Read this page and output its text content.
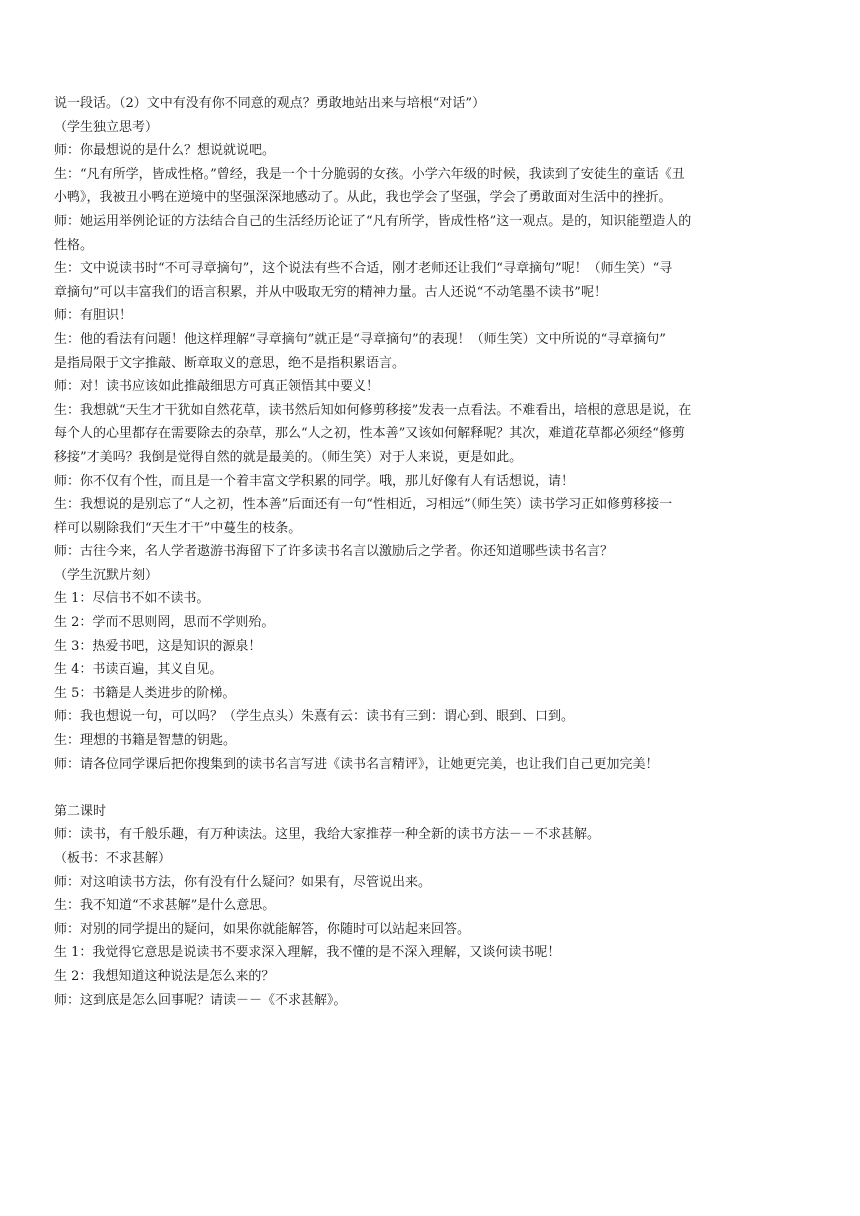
说一段话。（2）文中有没有你不同意的观点？勇敢地站出来与培根“对话”）

（学生独立思考）

师：你最想说的是什么？想说就说吧。

生：“凡有所学，皆成性格。”曾经，我是一个十分脆弱的女孩。小学六年级的时候，我读到了安徒生的童话《丑

小鸭》，我被丑小鸭在逆境中的坚强深深地感动了。从此，我也学会了坚强，学会了勇敢面对生活中的挫折。

师：她运用举例论证的方法结合自己的生活经历论证了“凡有所学，皆成性格”这一观点。是的，知识能塑造人的

性格。

生：文中说读书时“不可寻章摘句”，这个说法有些不合适，刚才老师还让我们“寻章摘句”呢！（师生笑）“寻

章摘句”可以丰富我们的语言积累，并从中吸取无穷的精神力量。古人还说“不动笔墨不读书”呢！

师：有胆识！

生：他的看法有问题！他这样理解“寻章摘句”就正是“寻章摘句”的表现！（师生笑）文中所说的“寻章摘句”

是指局限于文字推敲、断章取义的意思，绝不是指积累语言。

师：对！读书应该如此推敲细思方可真正领悟其中要义！

生：我想就“天生才干犹如自然花草，读书然后知如何修剪移接”发表一点看法。不难看出，培根的意思是说，在

每个人的心里都存在需要除去的杂草，那么“人之初，性本善”又该如何解释呢？其次，难道花草都必须经“修剪

移接”才美吗？我倒是觉得自然的就是最美的。（师生笑）对于人来说，更是如此。

师：你不仅有个性，而且是一个着丰富文学积累的同学。哦，那儿好像有人有话想说，请！

生：我想说的是别忘了“人之初，性本善”后面还有一句“性相近，习相远”（师生笑）读书学习正如修剪移接一

样可以剔除我们“天生才干”中蔓生的枝条。

师：古往今来，名人学者遨游书海留下了许多读书名言以激励后之学者。你还知道哪些读书名言？

（学生沉默片刻）

生 1：尽信书不如不读书。

生 2：学而不思则罔，思而不学则殆。

生 3：热爱书吧，这是知识的源泉！

生 4：书读百遍，其义自见。

生 5：书籍是人类进步的阶梯。

师：我也想说一句，可以吗？（学生点头）朱熹有云：读书有三到：谓心到、眼到、口到。

生：理想的书籍是智慧的钥匙。

师：请各位同学课后把你搜集到的读书名言写进《读书名言精评》，让她更完美，也让我们自己更加完美！

第二课时

师：读书，有千般乐趣，有万种读法。这里，我给大家推荐一种全新的读书方法－－不求甚解。

（板书：不求甚解）

师：对这咱读书方法，你有没有什么疑问？如果有，尽管说出来。

生：我不知道“不求甚解”是什么意思。

师：对别的同学提出的疑问，如果你就能解答，你随时可以站起来回答。

生 1：我觉得它意思是说读书不要求深入理解，我不懂的是不深入理解，又谈何读书呢！

生 2：我想知道这种说法是怎么来的？

师：这到底是怎么回事呢？请读－－《不求甚解》。
